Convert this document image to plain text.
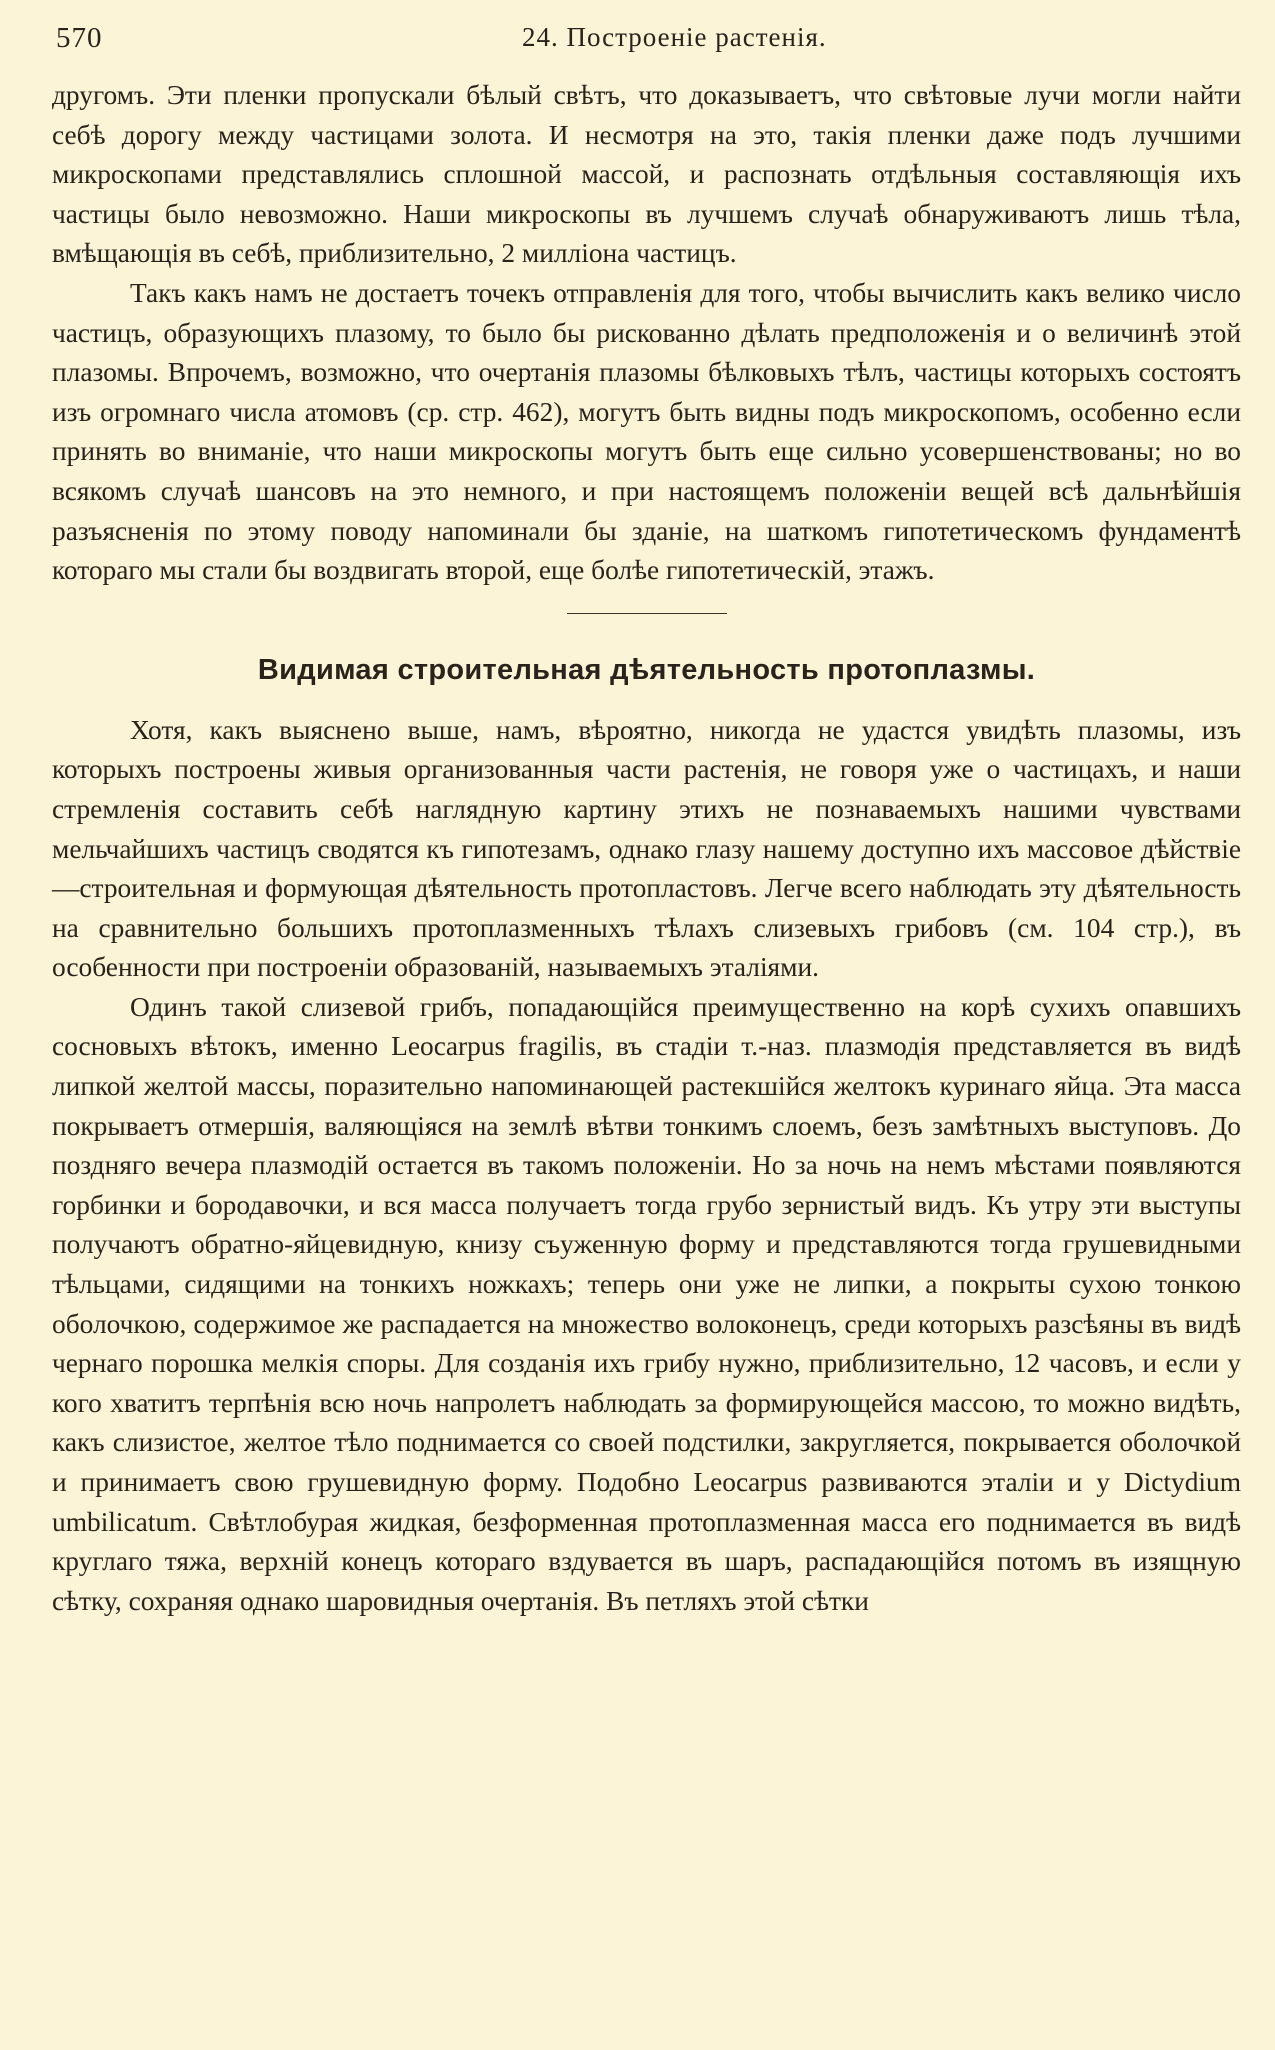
570	24. Построеніе растенія.

другомъ. Эти пленки пропускали бѣлый свѣтъ, что доказываетъ, что свѣтовые лучи могли найти себѣ дорогу между частицами золота. И несмотря на это, такія пленки даже подъ лучшими микроскопами представлялись сплошной массой, и распознать отдѣльныя составляющія ихъ частицы было невозможно. Наши микроскопы въ лучшемъ случаѣ обнаруживаютъ лишь тѣла, вмѣщающія въ себѣ, приблизительно, 2 милліона частицъ.

Такъ какъ намъ не достаетъ точекъ отправленія для того, чтобы вычислить какъ велико число частицъ, образующихъ плазому, то было бы рискованно дѣлать предположенія и о величинѣ этой плазомы. Впрочемъ, возможно, что очертанія плазомы бѣлковыхъ тѣлъ, частицы которыхъ состоятъ изъ огромнаго числа атомовъ (ср. стр. 462), могутъ быть видны подъ микроскопомъ, особенно если принять во вниманіе, что наши микроскопы могутъ быть еще сильно усовершенствованы; но во всякомъ случаѣ шансовъ на это немного, и при настоящемъ положеніи вещей всѣ дальнѣйшія разъясненія по этому поводу напоминали бы зданіе, на шаткомъ гипотетическомъ фундаментѣ котораго мы стали бы воздвигать второй, еще болѣе гипотетическій, этажъ.

Видимая строительная дѣятельность протоплазмы.

Хотя, какъ выяснено выше, намъ, вѣроятно, никогда не удастся увидѣть плазомы, изъ которыхъ построены живыя организованныя части растенія, не говоря уже о частицахъ, и наши стремленія составить себѣ наглядную картину этихъ не познаваемыхъ нашими чувствами мельчайшихъ частицъ сводятся къ гипотезамъ, однако глазу нашему доступно ихъ массовое дѣйствіе—строительная и формующая дѣятельность протопластовъ. Легче всего наблюдать эту дѣятельность на сравнительно большихъ протоплазменныхъ тѣлахъ слизевыхъ грибовъ (см. 104 стр.), въ особенности при построеніи образованій, называемыхъ эталіями.

Одинъ такой слизевой грибъ, попадающійся преимущественно на корѣ сухихъ опавшихъ сосновыхъ вѣтокъ, именно Leocarpus fragilis, въ стадіи т.-наз. плазмодія представляется въ видѣ липкой желтой массы, поразительно напоминающей растекшійся желтокъ куринаго яйца. Эта масса покрываетъ отмершія, валяющіяся на землѣ вѣтви тонкимъ слоемъ, безъ замѣтныхъ выступовъ. До поздняго вечера плазмодій остается въ такомъ положеніи. Но за ночь на немъ мѣстами появляются горбинки и бородавочки, и вся масса получаетъ тогда грубо зернистый видъ. Къ утру эти выступы получаютъ обратно-яйцевидную, книзу съуженную форму и представляются тогда грушевидными тѣльцами, сидящими на тонкихъ ножкахъ; теперь они уже не липки, а покрыты сухою тонкою оболочкою, содержимое же распадается на множество волоконецъ, среди которыхъ разсѣяны въ видѣ чернаго порошка мелкія споры. Для созданія ихъ грибу нужно, приблизительно, 12 часовъ, и если у кого хватитъ терпѣнія всю ночь напролетъ наблюдать за формирующейся массою, то можно видѣть, какъ слизистое, желтое тѣло поднимается со своей подстилки, закругляется, покрывается оболочкой и принимаетъ свою грушевидную форму. Подобно Leocarpus развиваются эталіи и у Dictydium umbilicatum. Свѣтлобурая жидкая, безформенная протоплазменная масса его поднимается въ видѣ круглаго тяжа, верхній конецъ котораго вздувается въ шаръ, распадающійся потомъ въ изящную сѣтку, сохраняя однако шаровидныя очертанія. Въ петляхъ этой сѣтки
